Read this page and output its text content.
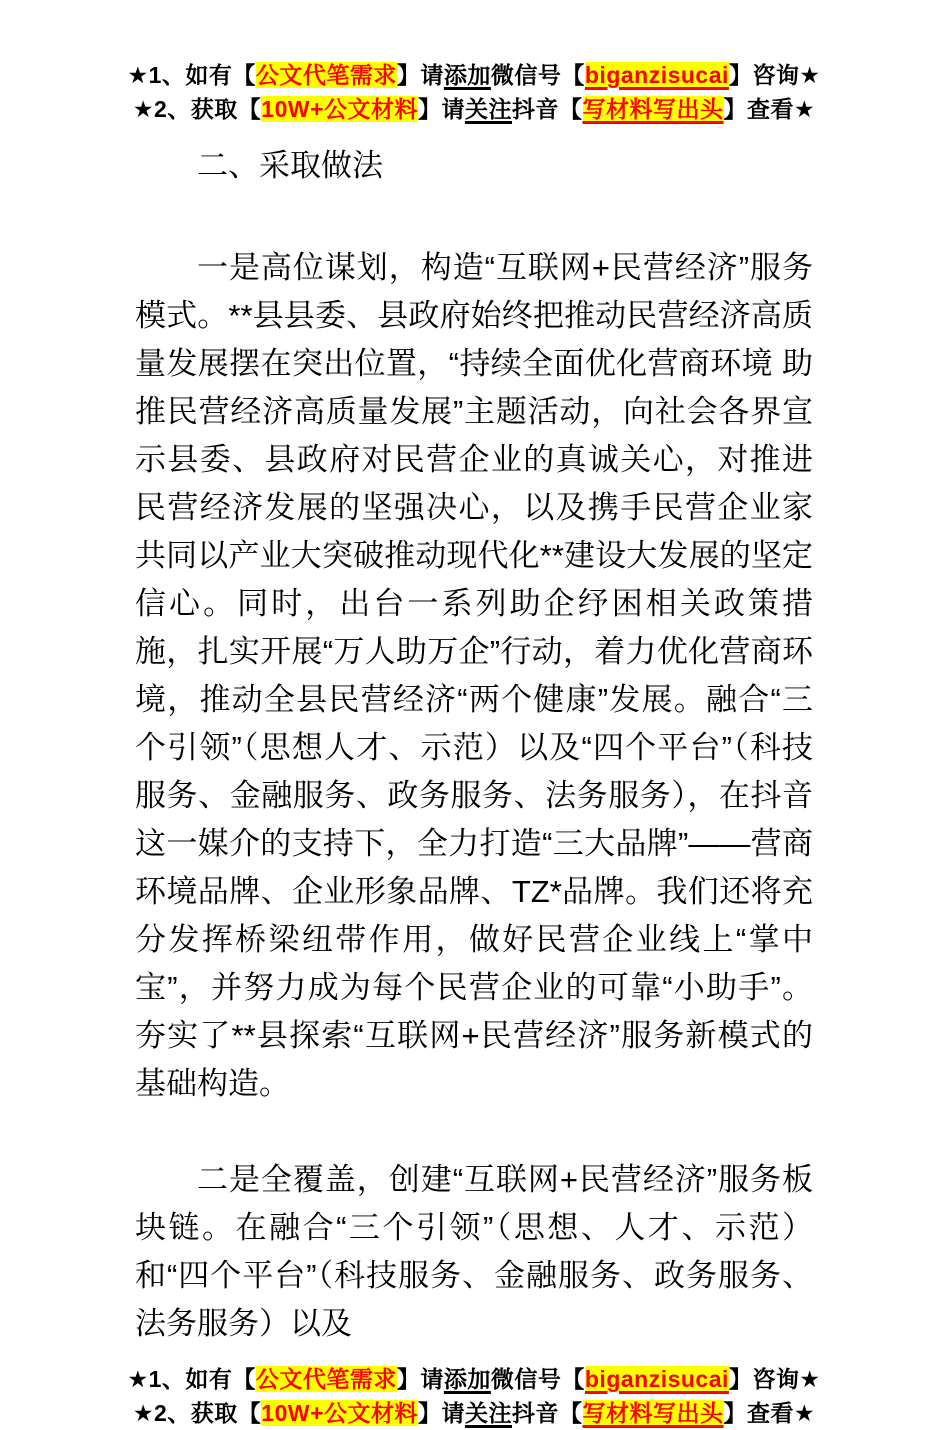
★1、如有【公文代笔需求】请添加微信号【biganzisucai】咨询★
★2、获取【10W+公文材料】请关注抖音【写材料写出头】查看★
二、采取做法

一是高位谋划，构造“互联网+民营经济”服务模式。**县县委、县政府始终把推动民营经济高质量发展摆在突出位置，“持续全面优化营商环境 助推民营经济高质量发展”主题活动，向社会各界宣示县委、县政府对民营企业的真诚关心，对推进民营经济发展的坚强决心，以及携手民营企业家共同以产业大突破推动现代化**建设大发展的坚定信心。同时，出台一系列助企纾困相关政策措施，扎实开展“万人助万企”行动，着力优化营商环境，推动全县民营经济“两个健康”发展。融合“三个引领”（思想人才、示范）以及“四个平台”（科技服务、金融服务、政务服务、法务服务），在抖音这一媒介的支持下，全力打造“三大品牌”——营商环境品牌、企业形象品牌、TZ*品牌。我们还将充分发挥桥梁纽带作用，做好民营企业线上“掌中宝”，并努力成为每个民营企业的可靠“小助手”。夯实了**县探索“互联网+民营经济”服务新模式的基础构造。

二是全覆盖，创建“互联网+民营经济”服务板块链。在融合“三个引领”（思想、人才、示范）和“四个平台”（科技服务、金融服务、政务服务、法务服务）以及

★1、如有【公文代笔需求】请添加微信号【biganzisucai】咨询★
★2、获取【10W+公文材料】请关注抖音【写材料写出头】查看★
